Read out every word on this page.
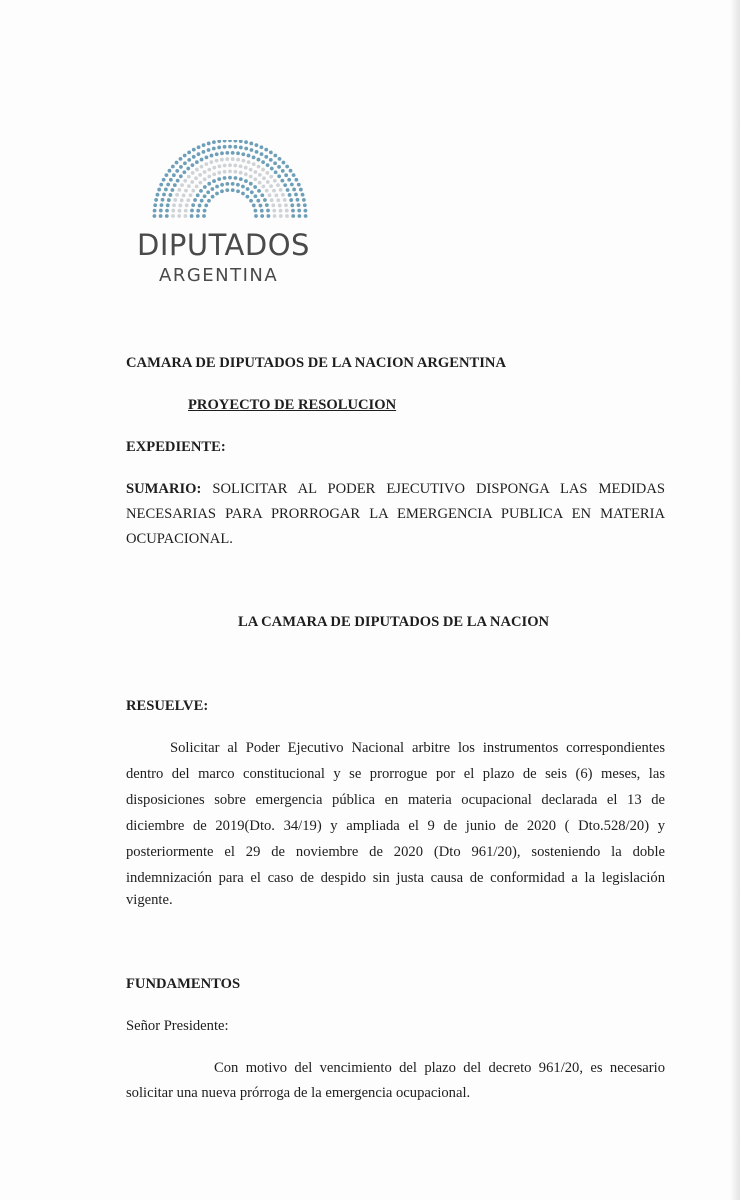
DIPUTADOS
ARGENTINA
CAMARA DE DIPUTADOS DE LA NACION ARGENTINA
PROYECTO DE RESOLUCION
EXPEDIENTE:
SUMARIO: SOLICITAR AL PODER EJECUTIVO DISPONGA LAS MEDIDAS
NECESARIAS PARA PRORROGAR LA EMERGENCIA PUBLICA EN MATERIA
OCUPACIONAL.
LA CAMARA DE DIPUTADOS DE LA NACION
RESUELVE:
Solicitar al Poder Ejecutivo Nacional arbitre los instrumentos correspondientes
dentro del marco constitucional y se prorrogue por el plazo de seis (6) meses, las
disposiciones sobre emergencia pública en materia ocupacional declarada el 13 de
diciembre de 2019(Dto. 34/19) y ampliada el 9 de junio de 2020 ( Dto.528/20) y
posteriormente el 29 de noviembre de 2020 (Dto 961/20), sosteniendo la doble
indemnización para el caso de despido sin justa causa de conformidad a la legislación
vigente.
FUNDAMENTOS
Señor Presidente:
Con motivo del vencimiento del plazo del decreto 961/20, es necesario
solicitar una nueva prórroga de la emergencia ocupacional.
